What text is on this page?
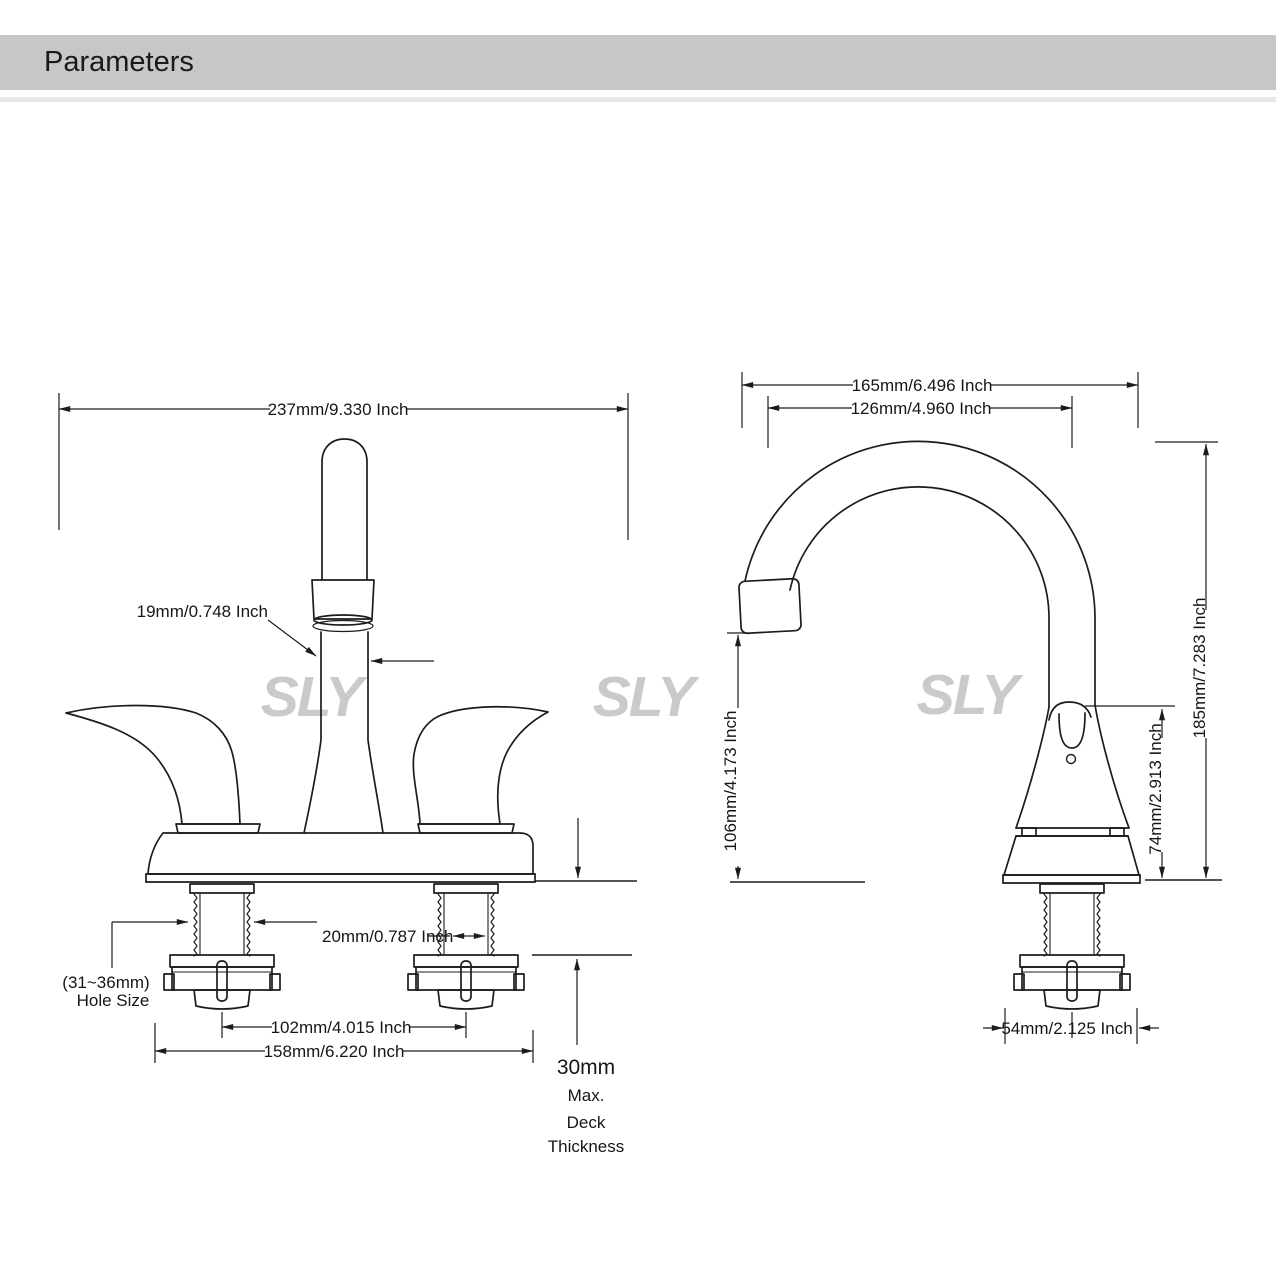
Parameters
SLY	SLY	SLY
237mm/9.330 Inch
19mm/0.748 Inch
20mm/0.787 Inch
(31~36mm)
Hole Size
102mm/4.015 Inch
158mm/6.220 Inch
30mm
Max.
Deck
Thickness
165mm/6.496 Inch
126mm/4.960 Inch
185mm/7.283 Inch
74mm/2.913 Inch
106mm/4.173 Inch
54mm/2.125 Inch
